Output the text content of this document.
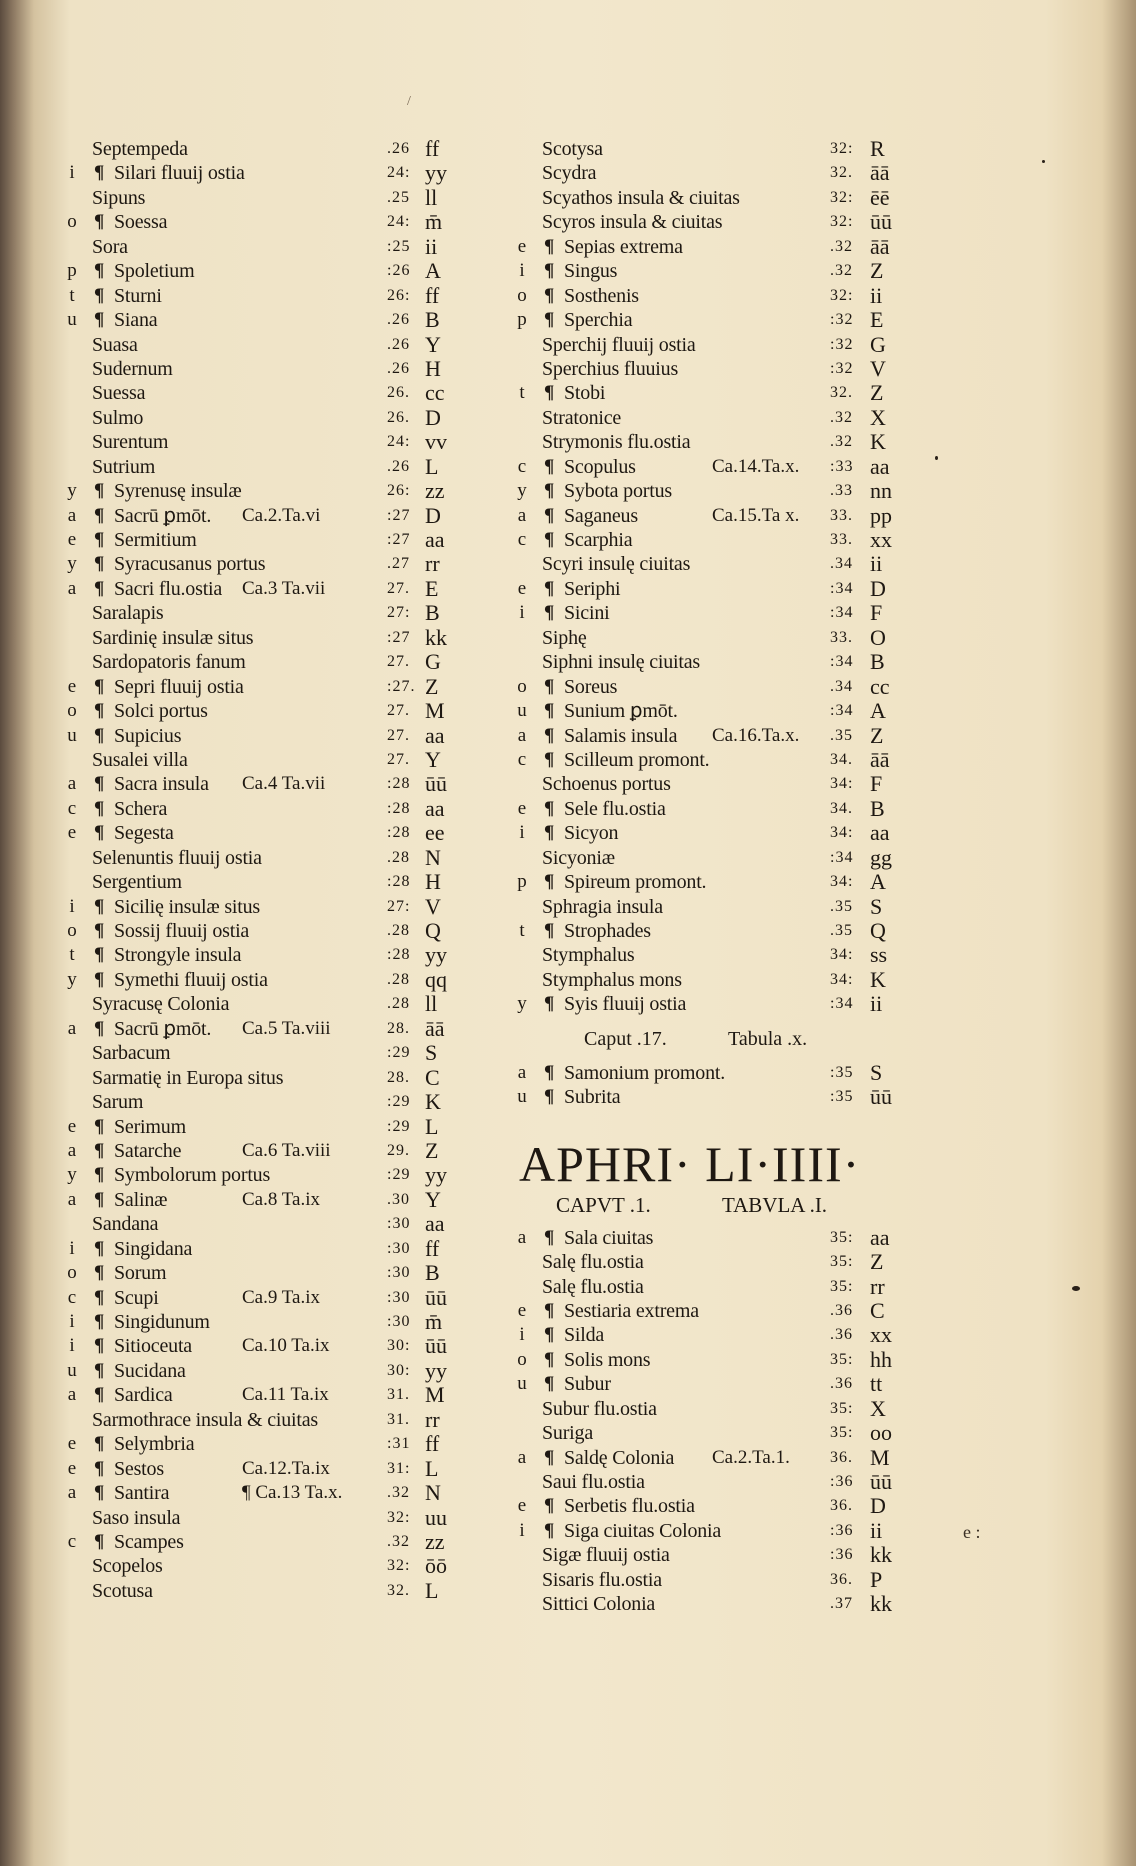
/
Septempeda	.26 ff
i ¶ Silari fluuij ostia	24: yy
Sipuns	.25 ll
o ¶ Soessa	24: m̄
Sora	:25 ii
p ¶ Spoletium	:26 A
t ¶ Sturni	26: ff
u ¶ Siana	.26 B
Suasa	.26 Y
Sudernum	.26 H
Suessa	26. cc
Sulmo	26. D
Surentum	24: vv
Sutrium	.26 L
y ¶ Syrenusę insulæ	26: zz
a ¶ Sacrū ꝑmōt. Ca.2.Ta.vi	:27 D
e ¶ Sermitium	:27 aa
y ¶ Syracusanus portus	.27 rr
a ¶ Sacri flu.ostia Ca.3 Ta.vii	27. E
Saralapis	27: B
Sardinię insulæ situs	:27 kk
Sardopatoris fanum	27. G
e ¶ Sepri fluuij ostia	:27. Z
o ¶ Solci portus	27. M
u ¶ Supicius	27. aa
Susalei villa	27. Y
a ¶ Sacra insula Ca.4 Ta.vii	:28 ūū
c ¶ Schera	:28 aa
e ¶ Segesta	:28 ee
Selenuntis fluuij ostia	.28 N
Sergentium	:28 H
i ¶ Sicilię insulæ situs	27: V
o ¶ Sossij fluuij ostia	.28 Q
t ¶ Strongyle insula	:28 yy
y ¶ Symethi fluuij ostia	.28 qq
Syracusę Colonia	.28 ll
a ¶ Sacrū ꝑmōt. Ca.5 Ta.viii	28. āā
Sarbacum	:29 S
Sarmatię in Europa situs	28. C
Sarum	:29 K
e ¶ Serimum	:29 L
a ¶ Satarche	Ca.6 Ta.viii	29. Z
y ¶ Symbolorum portus	:29 yy
a ¶ Salinæ	Ca.8 Ta.ix	.30 Y
Sandana	:30 aa
i ¶ Singidana	:30 ff
o ¶ Sorum	:30 B
c ¶ Scupi	Ca.9 Ta.ix	:30 ūū
i ¶ Singidunum	:30 m̄
i ¶ Sitioceuta	Ca.10 Ta.ix	30: ūū
u ¶ Sucidana	30: yy
a ¶ Sardica	Ca.11 Ta.ix	31. M
Sarmothrace insula & ciuitas	31. rr
e ¶ Selymbria	:31 ff
e ¶ Sestos	Ca.12.Ta.ix	31: L
a ¶ Santira	¶ Ca.13 Ta.x.	.32 N
Saso insula	32: uu
c ¶ Scampes	.32 zz
Scopelos	32: ōō
Scotusa	32. L
Scotysa	32: R
Scydra	32. āā
Scyathos insula & ciuitas	32: ēē
Scyros insula & ciuitas	32: ūū
e ¶ Sepias extrema	.32 āā
i ¶ Singus	.32 Z
o ¶ Sosthenis	32: ii
p ¶ Sperchia	:32 E
Sperchij fluuij ostia	:32 G
Sperchius fluuius	:32 V
t ¶ Stobi	32. Z
Stratonice	.32 X
Strymonis flu.ostia	.32 K
c ¶ Scopulus	Ca.14.Ta.x. :33 aa
y ¶ Sybota portus	.33 nn
a ¶ Saganeus	Ca.15.Ta x. 33. pp
c ¶ Scarphia	33. xx
Scyri insulę ciuitas	.34 ii
e ¶ Seriphi	:34 D
i ¶ Sicini	:34 F
Siphę	33. O
Siphni insulę ciuitas	:34 B
o ¶ Soreus	.34 cc
u ¶ Sunium ꝑmōt.	:34 A
a ¶ Salamis insula Ca.16.Ta.x. .35 Z
c ¶ Scilleum promont.	34. āā
Schoenus portus	34: F
e ¶ Sele flu.ostia	34. B
i ¶ Sicyon	34: aa
Sicyoniæ	:34 gg
p ¶ Spireum promont.	34: A
Sphragia insula	.35 S
t ¶ Strophades	.35 Q
Stymphalus	34: ss
Stymphalus mons	34: K
y ¶ Syis fluuij ostia	:34 ii
Caput .17.	Tabula .x.
a ¶ Samonium promont.	:35 S
u ¶ Subrita	:35 ūū
APHRI· LI·IIII·
CAPVT .1.	TABVLA .I.
a ¶ Sala ciuitas	35: aa
Salę flu.ostia	35: Z
Salę flu.ostia	35: rr
e ¶ Sestiaria extrema	.36 C
i ¶ Silda	.36 xx
o ¶ Solis mons	35: hh
u ¶ Subur	.36 tt
Subur flu.ostia	35: X
Suriga	35: oo
a ¶ Saldę Colonia Ca.2.Ta.1.	36. M
Saui flu.ostia	:36 ūū
e ¶ Serbetis flu.ostia	36. D
i ¶ Siga ciuitas Colonia	:36 ii
Sigæ fluuij ostia	:36 kk
Sisaris flu.ostia	36. P
Sittici Colonia	.37 kk
e :
